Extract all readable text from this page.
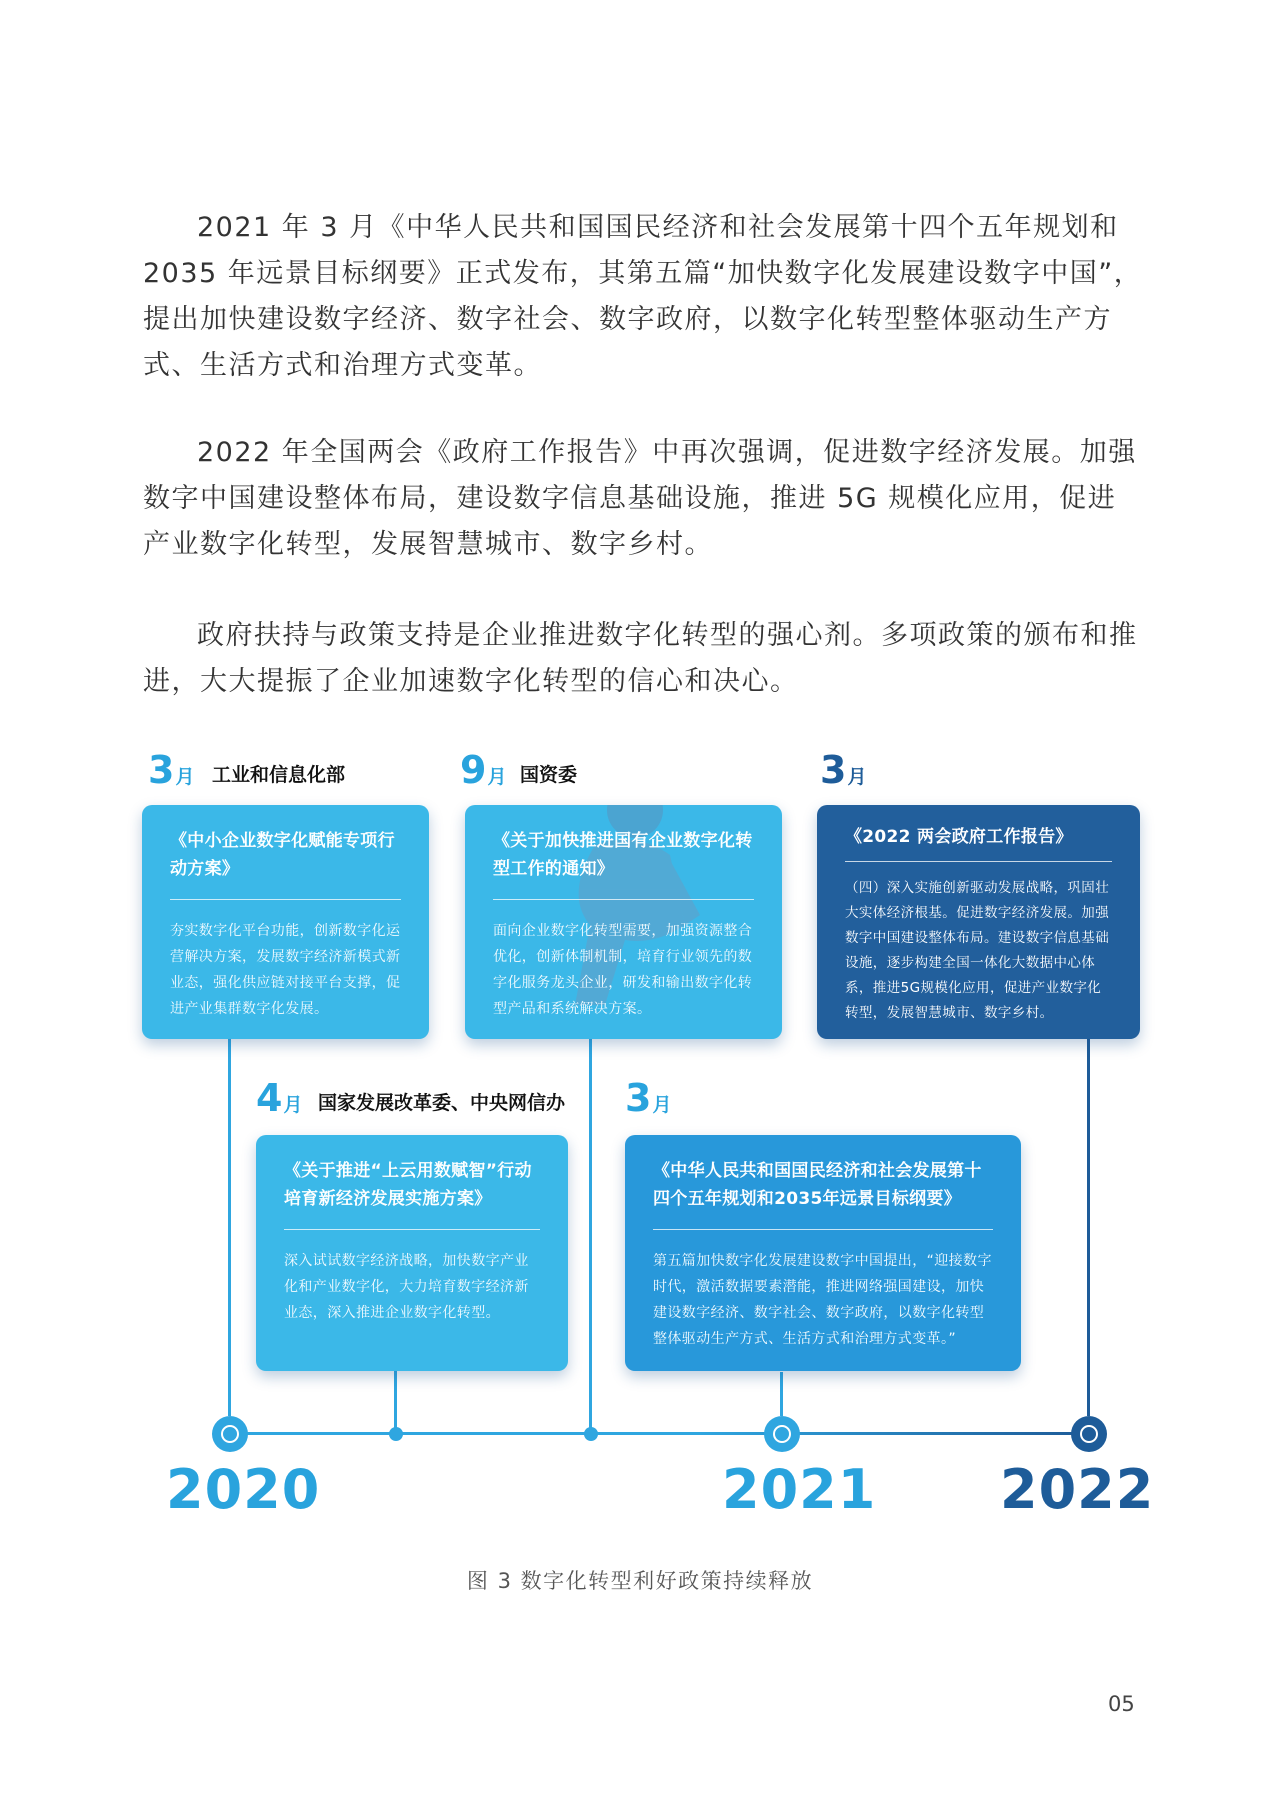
2021 年 3 月《中华人民共和国国民经济和社会发展第十四个五年规划和 2035 年远景目标纲要》正式发布，其第五篇“加快数字化发展建设数字中国”，提出加快建设数字经济、数字社会、数字政府，以数字化转型整体驱动生产方式、生活方式和治理方式变革。

2022 年全国两会《政府工作报告》中再次强调，促进数字经济发展。加强数字中国建设整体布局，建设数字信息基础设施，推进 5G 规模化应用，促进产业数字化转型，发展智慧城市、数字乡村。

政府扶持与政策支持是企业推进数字化转型的强心剂。多项政策的颁布和推进，大大提振了企业加速数字化转型的信心和决心。

2020	2021 2022
3 月 工业和信息化部
《中小企业数字化赋能专项行动方案》
夯实数字化平台功能，创新数字化运营解决方案，发展数字经济新模式新业态，强化供应链对接平台支撑，促进产业集群数字化发展。
9 月 国资委
《关于加快推进国有企业数字化转型工作的通知》
面向企业数字化转型需要，加强资源整合优化，创新体制机制，培育行业领先的数字化服务龙头企业，研发和输出数字化转型产品和系统解决方案。
3 月
《2022 两会政府工作报告》
（四）深入实施创新驱动发展战略，巩固壮大实体经济根基。促进数字经济发展。加强数字中国建设整体布局。建设数字信息基础设施，逐步构建全国一体化大数据中心体系，推进5G规模化应用，促进产业数字化转型，发展智慧城市、数字乡村。
4 月 国家发展改革委、中央网信办
《关于推进“上云用数赋智”行动培育新经济发展实施方案》
深入试试数字经济战略，加快数字产业化和产业数字化，大力培育数字经济新业态，深入推进企业数字化转型。
3 月
《中华人民共和国国民经济和社会发展第十四个五年规划和2035年远景目标纲要》
第五篇加快数字化发展建设数字中国提出，“迎接数字时代，激活数据要素潜能，推进网络强国建设，加快建设数字经济、数字社会、数字政府，以数字化转型整体驱动生产方式、生活方式和治理方式变革。”
图 3 数字化转型利好政策持续释放
05
